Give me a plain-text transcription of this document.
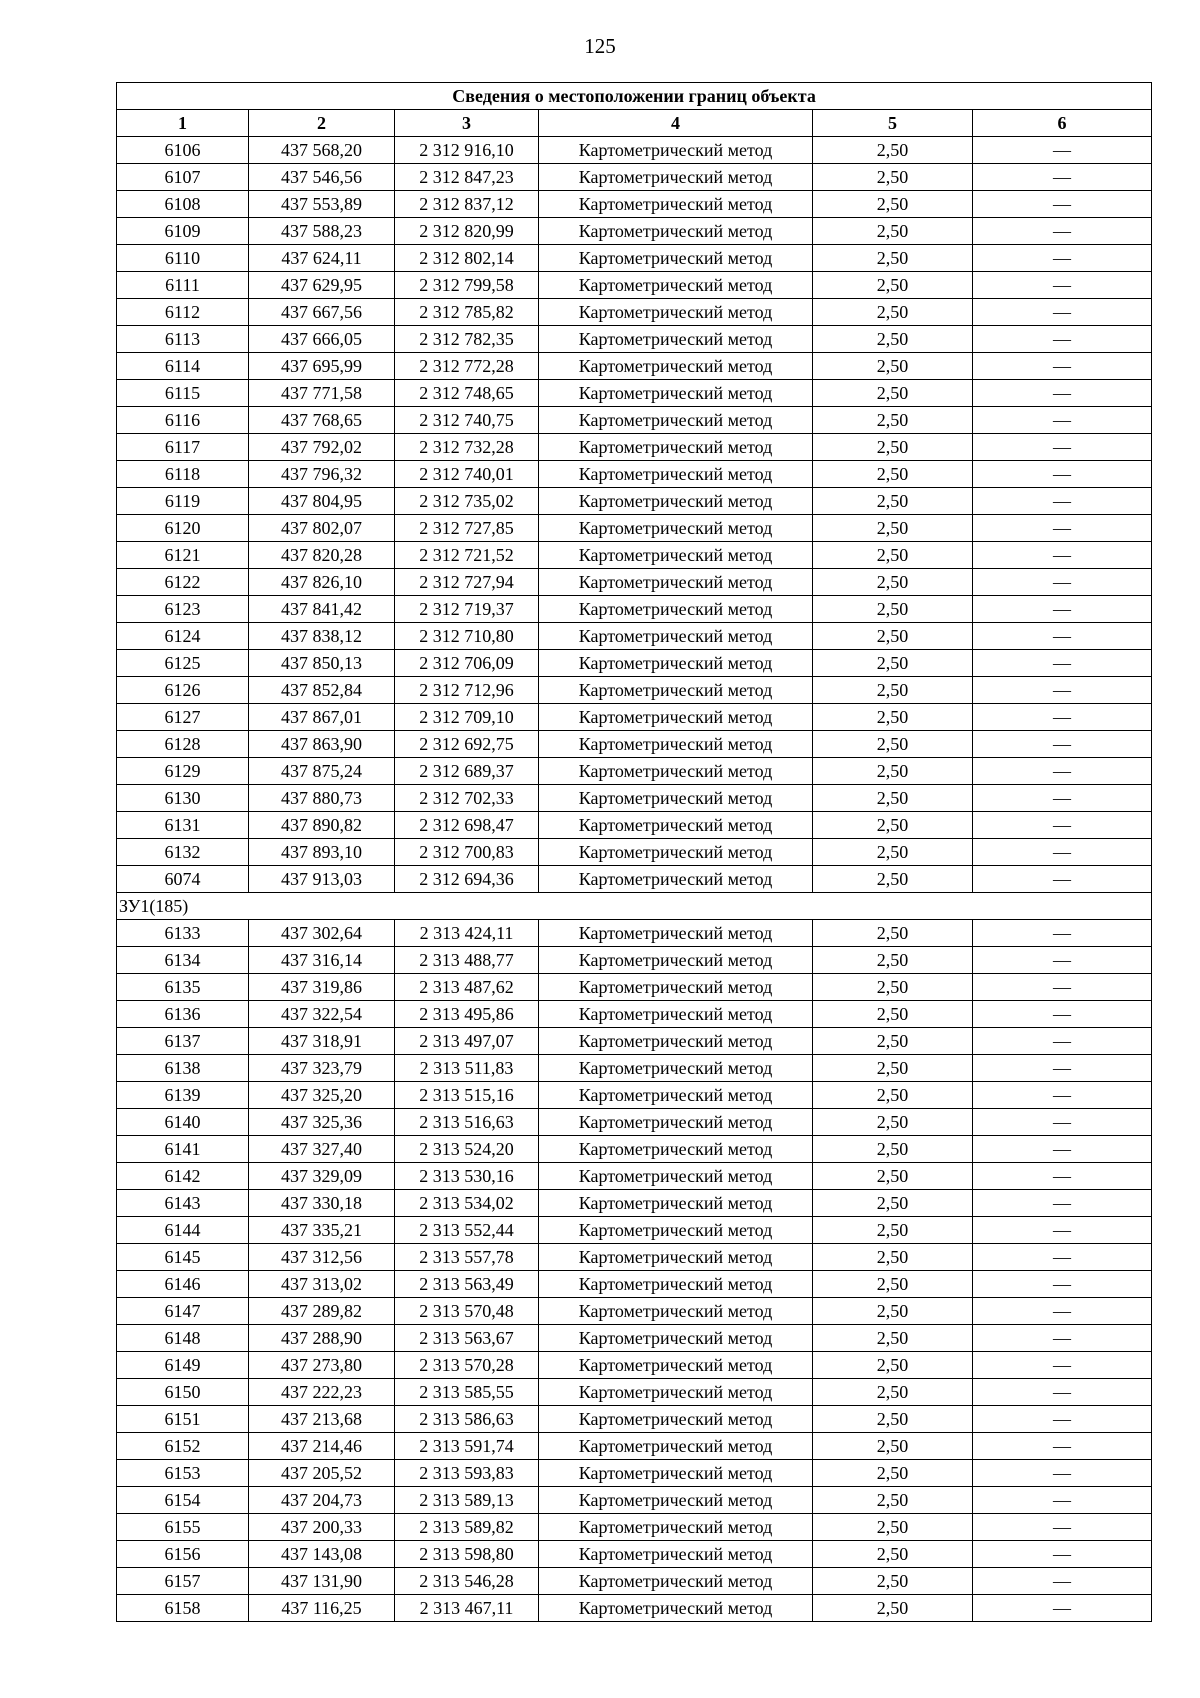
125
Сведения о местоположении границ объекта					
1	2	3	4	5	6
6106	437 568,20	2 312 916,10	Картометрический метод	2,50	—
6107	437 546,56	2 312 847,23	Картометрический метод	2,50	—
6108	437 553,89	2 312 837,12	Картометрический метод	2,50	—
6109	437 588,23	2 312 820,99	Картометрический метод	2,50	—
6110	437 624,11	2 312 802,14	Картометрический метод	2,50	—
6111	437 629,95	2 312 799,58	Картометрический метод	2,50	—
6112	437 667,56	2 312 785,82	Картометрический метод	2,50	—
6113	437 666,05	2 312 782,35	Картометрический метод	2,50	—
6114	437 695,99	2 312 772,28	Картометрический метод	2,50	—
6115	437 771,58	2 312 748,65	Картометрический метод	2,50	—
6116	437 768,65	2 312 740,75	Картометрический метод	2,50	—
6117	437 792,02	2 312 732,28	Картометрический метод	2,50	—
6118	437 796,32	2 312 740,01	Картометрический метод	2,50	—
6119	437 804,95	2 312 735,02	Картометрический метод	2,50	—
6120	437 802,07	2 312 727,85	Картометрический метод	2,50	—
6121	437 820,28	2 312 721,52	Картометрический метод	2,50	—
6122	437 826,10	2 312 727,94	Картометрический метод	2,50	—
6123	437 841,42	2 312 719,37	Картометрический метод	2,50	—
6124	437 838,12	2 312 710,80	Картометрический метод	2,50	—
6125	437 850,13	2 312 706,09	Картометрический метод	2,50	—
6126	437 852,84	2 312 712,96	Картометрический метод	2,50	—
6127	437 867,01	2 312 709,10	Картометрический метод	2,50	—
6128	437 863,90	2 312 692,75	Картометрический метод	2,50	—
6129	437 875,24	2 312 689,37	Картометрический метод	2,50	—
6130	437 880,73	2 312 702,33	Картометрический метод	2,50	—
6131	437 890,82	2 312 698,47	Картометрический метод	2,50	—
6132	437 893,10	2 312 700,83	Картометрический метод	2,50	—
6074	437 913,03	2 312 694,36	Картометрический метод	2,50	—
ЗУ1(185)					
6133	437 302,64	2 313 424,11	Картометрический метод	2,50	—
6134	437 316,14	2 313 488,77	Картометрический метод	2,50	—
6135	437 319,86	2 313 487,62	Картометрический метод	2,50	—
6136	437 322,54	2 313 495,86	Картометрический метод	2,50	—
6137	437 318,91	2 313 497,07	Картометрический метод	2,50	—
6138	437 323,79	2 313 511,83	Картометрический метод	2,50	—
6139	437 325,20	2 313 515,16	Картометрический метод	2,50	—
6140	437 325,36	2 313 516,63	Картометрический метод	2,50	—
6141	437 327,40	2 313 524,20	Картометрический метод	2,50	—
6142	437 329,09	2 313 530,16	Картометрический метод	2,50	—
6143	437 330,18	2 313 534,02	Картометрический метод	2,50	—
6144	437 335,21	2 313 552,44	Картометрический метод	2,50	—
6145	437 312,56	2 313 557,78	Картометрический метод	2,50	—
6146	437 313,02	2 313 563,49	Картометрический метод	2,50	—
6147	437 289,82	2 313 570,48	Картометрический метод	2,50	—
6148	437 288,90	2 313 563,67	Картометрический метод	2,50	—
6149	437 273,80	2 313 570,28	Картометрический метод	2,50	—
6150	437 222,23	2 313 585,55	Картометрический метод	2,50	—
6151	437 213,68	2 313 586,63	Картометрический метод	2,50	—
6152	437 214,46	2 313 591,74	Картометрический метод	2,50	—
6153	437 205,52	2 313 593,83	Картометрический метод	2,50	—
6154	437 204,73	2 313 589,13	Картометрический метод	2,50	—
6155	437 200,33	2 313 589,82	Картометрический метод	2,50	—
6156	437 143,08	2 313 598,80	Картометрический метод	2,50	—
6157	437 131,90	2 313 546,28	Картометрический метод	2,50	—
6158	437 116,25	2 313 467,11	Картометрический метод	2,50	—
